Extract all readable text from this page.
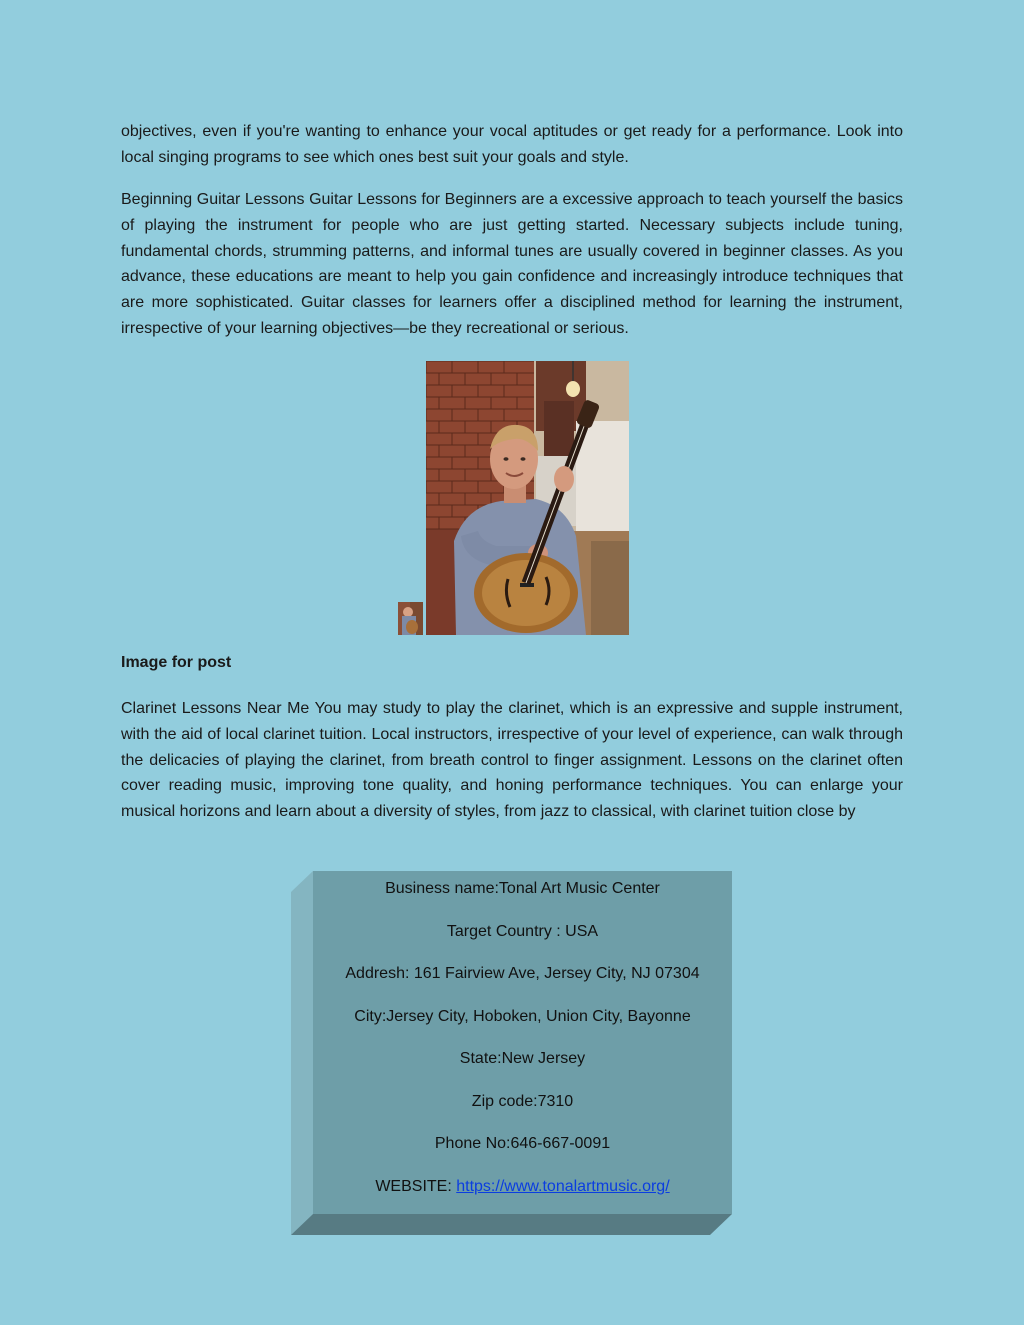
objectives, even if you're wanting to enhance your vocal aptitudes or get ready for a performance. Look into local singing programs to see which ones best suit your goals and style.

Beginning Guitar Lessons Guitar Lessons for Beginners are a excessive approach to teach yourself the basics of playing the instrument for people who are just getting started. Necessary subjects include tuning, fundamental chords, strumming patterns, and informal tunes are usually covered in beginner classes. As you advance, these educations are meant to help you gain confidence and increasingly introduce techniques that are more sophisticated. Guitar classes for learners offer a disciplined method for learning the instrument, irrespective of your learning objectives—be they recreational or serious.

Image for post

Clarinet Lessons Near Me You may study to play the clarinet, which is an expressive and supple instrument, with the aid of local clarinet tuition. Local instructors, irrespective of your level of experience, can walk through the delicacies of playing the clarinet, from breath control to finger assignment. Lessons on the clarinet often cover reading music, improving tone quality, and honing performance techniques. You can enlarge your musical horizons and learn about a diversity of styles, from jazz to classical, with clarinet tuition close by

Business name:Tonal Art Music Center
Target Country : USA
Addresh: 161 Fairview Ave, Jersey City, NJ 07304
City:Jersey City, Hoboken, Union City, Bayonne
State:New Jersey
Zip code:7310
Phone No:646-667-0091
WEBSITE: https://www.tonalartmusic.org/
